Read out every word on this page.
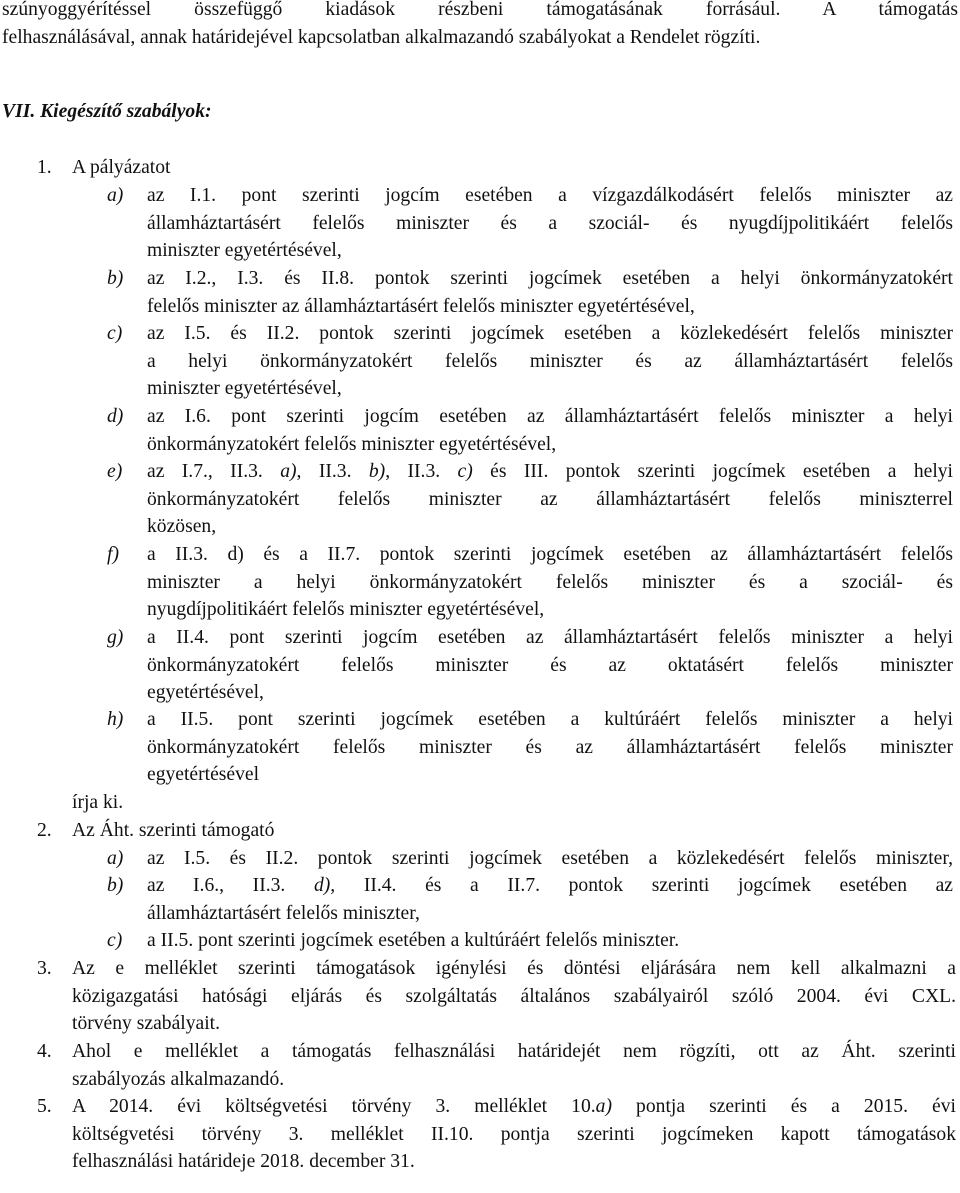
szúnyoggyérítéssel összefüggő kiadások részbeni támogatásának forrásául. A támogatás
felhasználásával, annak határidejével kapcsolatban alkalmazandó szabályokat a Rendelet rögzíti.
VII. Kiegészítő szabályok:
1. A pályázatot
a) az I.1. pont szerinti jogcím esetében a vízgazdálkodásért felelős miniszter az
államháztartásért felelős miniszter és a szociál- és nyugdíjpolitikáért felelős
miniszter egyetértésével,
b) az I.2., I.3. és II.8. pontok szerinti jogcímek esetében a helyi önkormányzatokért
felelős miniszter az államháztartásért felelős miniszter egyetértésével,
c) az I.5. és II.2. pontok szerinti jogcímek esetében a közlekedésért felelős miniszter
a helyi önkormányzatokért felelős miniszter és az államháztartásért felelős
miniszter egyetértésével,
d) az I.6. pont szerinti jogcím esetében az államháztartásért felelős miniszter a helyi
önkormányzatokért felelős miniszter egyetértésével,
e) az I.7., II.3. a), II.3. b), II.3. c) és III. pontok szerinti jogcímek esetében a helyi
önkormányzatokért felelős miniszter az államháztartásért felelős miniszterrel
közösen,
f) a II.3. d) és a II.7. pontok szerinti jogcímek esetében az államháztartásért felelős
miniszter a helyi önkormányzatokért felelős miniszter és a szociál- és
nyugdíjpolitikáért felelős miniszter egyetértésével,
g) a II.4. pont szerinti jogcím esetében az államháztartásért felelős miniszter a helyi
önkormányzatokért felelős miniszter és az oktatásért felelős miniszter
egyetértésével,
h) a II.5. pont szerinti jogcímek esetében a kultúráért felelős miniszter a helyi
önkormányzatokért felelős miniszter és az államháztartásért felelős miniszter
egyetértésével
írja ki.
2. Az Áht. szerinti támogató
a) az I.5. és II.2. pontok szerinti jogcímek esetében a közlekedésért felelős miniszter,
b) az I.6., II.3. d), II.4. és a II.7. pontok szerinti jogcímek esetében az
államháztartásért felelős miniszter,
c) a II.5. pont szerinti jogcímek esetében a kultúráért felelős miniszter.
3. Az e melléklet szerinti támogatások igénylési és döntési eljárására nem kell alkalmazni a
közigazgatási hatósági eljárás és szolgáltatás általános szabályairól szóló 2004. évi CXL.
törvény szabályait.
4. Ahol e melléklet a támogatás felhasználási határidejét nem rögzíti, ott az Áht. szerinti
szabályozás alkalmazandó.
5. A 2014. évi költségvetési törvény 3. melléklet 10.a) pontja szerinti és a 2015. évi
költségvetési törvény 3. melléklet II.10. pontja szerinti jogcímeken kapott támogatások
felhasználási határideje 2018. december 31.
